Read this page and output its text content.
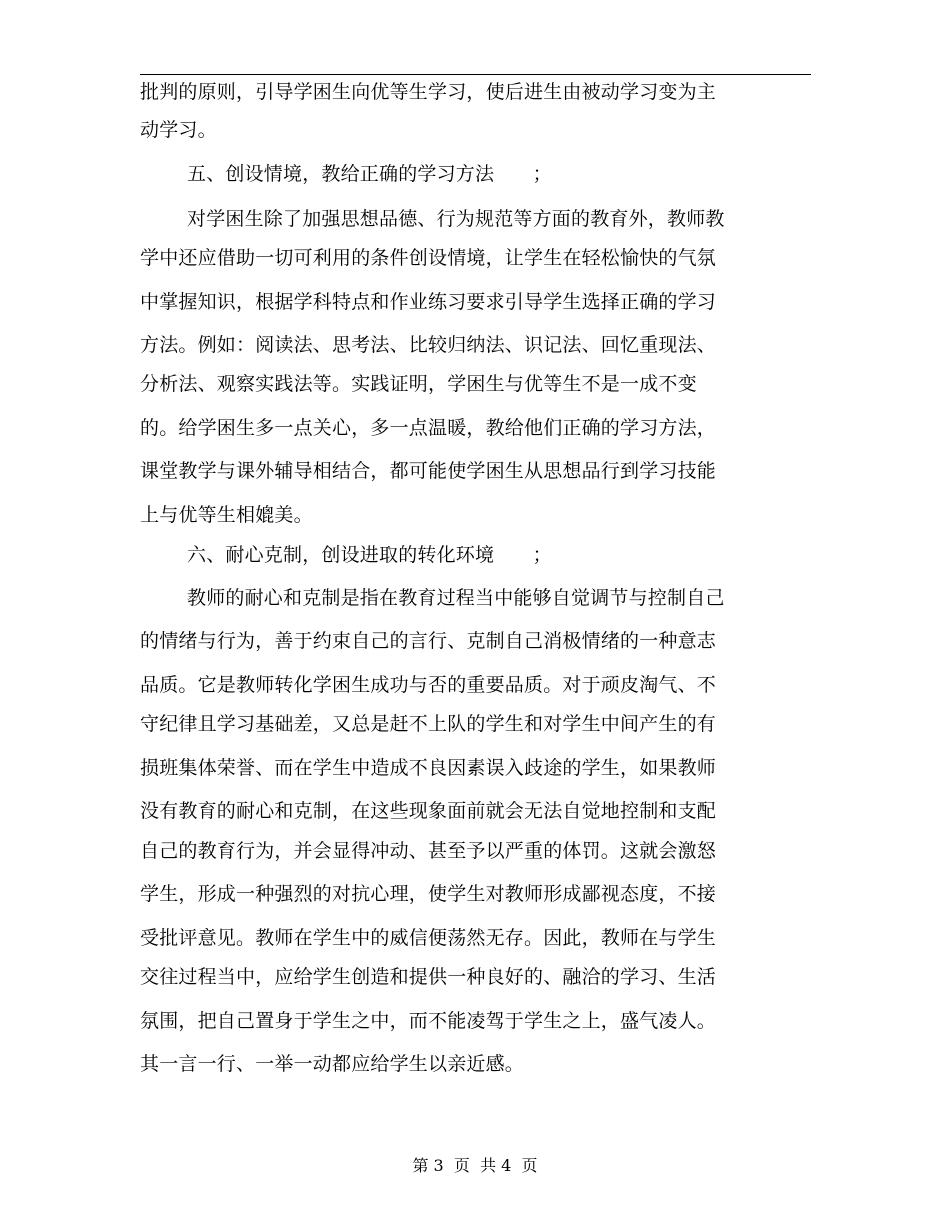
批判的原则，引导学困生向优等生学习，使后进生由被动学习变为主
动学习。
五、创设情境，教给正确的学习方法　　；
对学困生除了加强思想品德、行为规范等方面的教育外，教师教
学中还应借助一切可利用的条件创设情境，让学生在轻松愉快的气氛
中掌握知识，根据学科特点和作业练习要求引导学生选择正确的学习
方法。例如：阅读法、思考法、比较归纳法、识记法、回忆重现法、
分析法、观察实践法等。实践证明，学困生与优等生不是一成不变
的。给学困生多一点关心，多一点温暖，教给他们正确的学习方法，
课堂教学与课外辅导相结合，都可能使学困生从思想品行到学习技能
上与优等生相媲美。
六、耐心克制，创设进取的转化环境　　；
教师的耐心和克制是指在教育过程当中能够自觉调节与控制自己
的情绪与行为，善于约束自己的言行、克制自己消极情绪的一种意志
品质。它是教师转化学困生成功与否的重要品质。对于顽皮淘气、不
守纪律且学习基础差，又总是赶不上队的学生和对学生中间产生的有
损班集体荣誉、而在学生中造成不良因素误入歧途的学生，如果教师
没有教育的耐心和克制，在这些现象面前就会无法自觉地控制和支配
自己的教育行为，并会显得冲动、甚至予以严重的体罚。这就会激怒
学生，形成一种强烈的对抗心理，使学生对教师形成鄙视态度，不接
受批评意见。教师在学生中的威信便荡然无存。因此，教师在与学生
交往过程当中，应给学生创造和提供一种良好的、融洽的学习、生活
氛围，把自己置身于学生之中，而不能凌驾于学生之上，盛气凌人。
其一言一行、一举一动都应给学生以亲近感。
第 3  页  共 4  页
